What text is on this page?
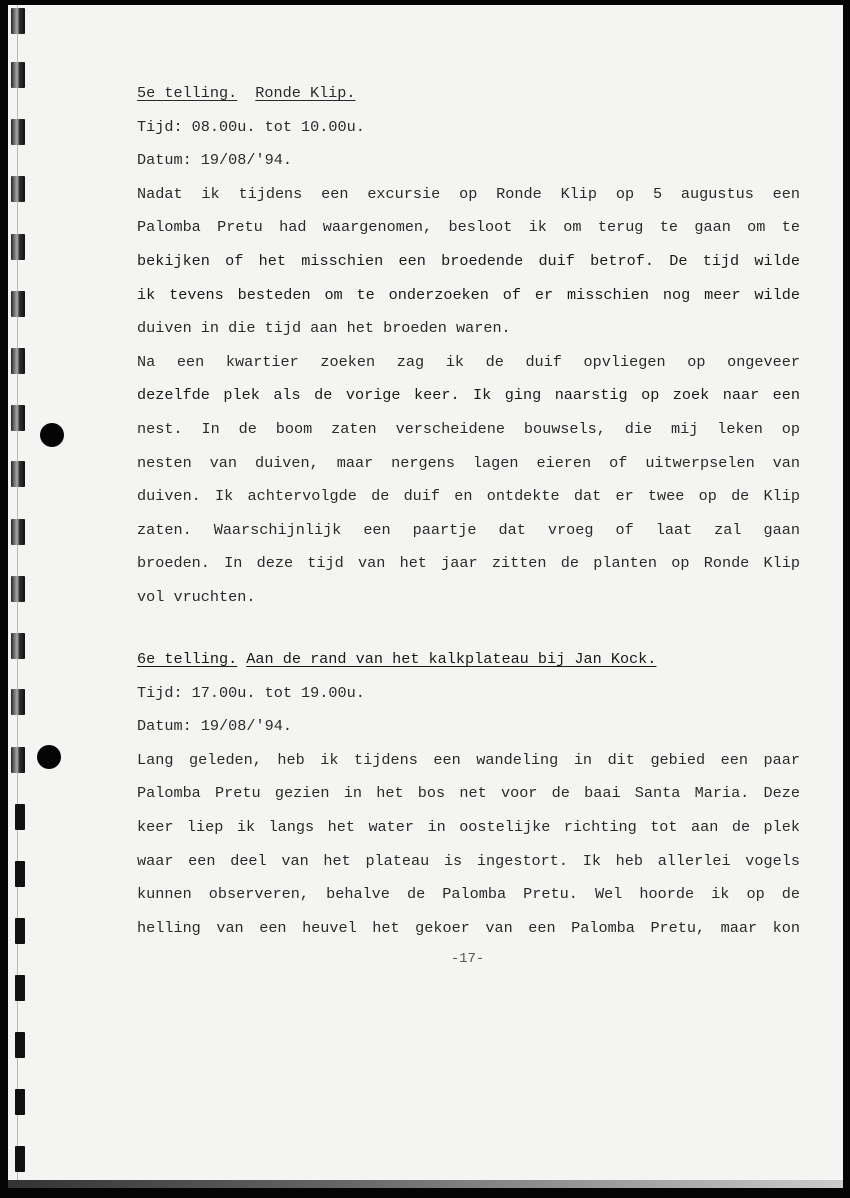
5e telling. Ronde Klip.
Tijd: 08.00u. tot 10.00u.
Datum: 19/08/'94.
Nadat ik tijdens een excursie op Ronde Klip op 5 augustus een
Palomba Pretu had waargenomen, besloot ik om terug te gaan om te
bekijken of het misschien een broedende duif betrof. De tijd wilde
ik tevens besteden om te onderzoeken of er misschien nog meer wilde
duiven in die tijd aan het broeden waren.
Na een kwartier zoeken zag ik de duif opvliegen op ongeveer
dezelfde plek als de vorige keer. Ik ging naarstig op zoek naar een
nest. In de boom zaten verscheidene bouwsels, die mij leken op
nesten van duiven, maar nergens lagen eieren of uitwerpselen van
duiven. Ik achtervolgde de duif en ontdekte dat er twee op de Klip
zaten. Waarschijnlijk een paartje dat vroeg of laat zal gaan
broeden. In deze tijd van het jaar zitten de planten op Ronde Klip
vol vruchten.
6e telling. Aan de rand van het kalkplateau bij Jan Kock.
Tijd: 17.00u. tot 19.00u.
Datum: 19/08/'94.
Lang geleden, heb ik tijdens een wandeling in dit gebied een paar
Palomba Pretu gezien in het bos net voor de baai Santa Maria. Deze
keer liep ik langs het water in oostelijke richting tot aan de plek
waar een deel van het plateau is ingestort. Ik heb allerlei vogels
kunnen observeren, behalve de Palomba Pretu. Wel hoorde ik op de
helling van een heuvel het gekoer van een Palomba Pretu, maar kon
-17-
